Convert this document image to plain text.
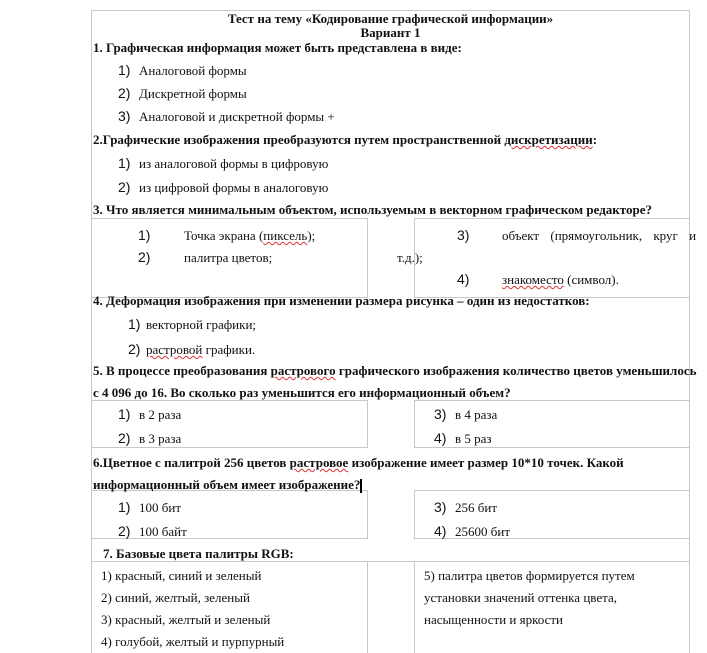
Тест на тему «Кодирование графической информации»
Вариант 1
1. Графическая информация может быть представлена в виде:
1) Аналоговой формы
2) Дискретной формы
3) Аналоговой и дискретной формы +
2.Графические изображения преобразуются путем пространственной дискретизации:
1) из аналоговой формы в цифровую
2) из цифровой формы в аналоговую
3. Что является минимальным объектом, используемым в векторном графическом редакторе?
1)	Точка экрана (пиксель);
2)	палитра цветов;
3)	объект (прямоугольник, круг и
т.д.);
4)	знакоместо (символ).
4. Деформация изображения при изменении размера рисунка – один из недостатков:
1) векторной графики;
2) растровой графики.
5. В процессе преобразования растрового графического изображения количество цветов уменьшилось
с 4 096 до 16. Во сколько раз уменьшится его информационный объем?
1) в 2 раза
2) в 3 раза
3) в 4 раза
4) в 5 раз
6.Цветное с палитрой 256 цветов растровое изображение имеет размер 10*10 точек. Какой
информационный объем имеет изображение?
1) 100 бит
2) 100 байт
3) 256 бит
4) 25600 бит
7. Базовые цвета палитры RGB:
1) красный, синий и зеленый
2) синий, желтый, зеленый
3) красный, желтый и зеленый
4) голубой, желтый и пурпурный
5) палитра цветов формируется путем
установки значений оттенка цвета,
насыщенности и яркости
